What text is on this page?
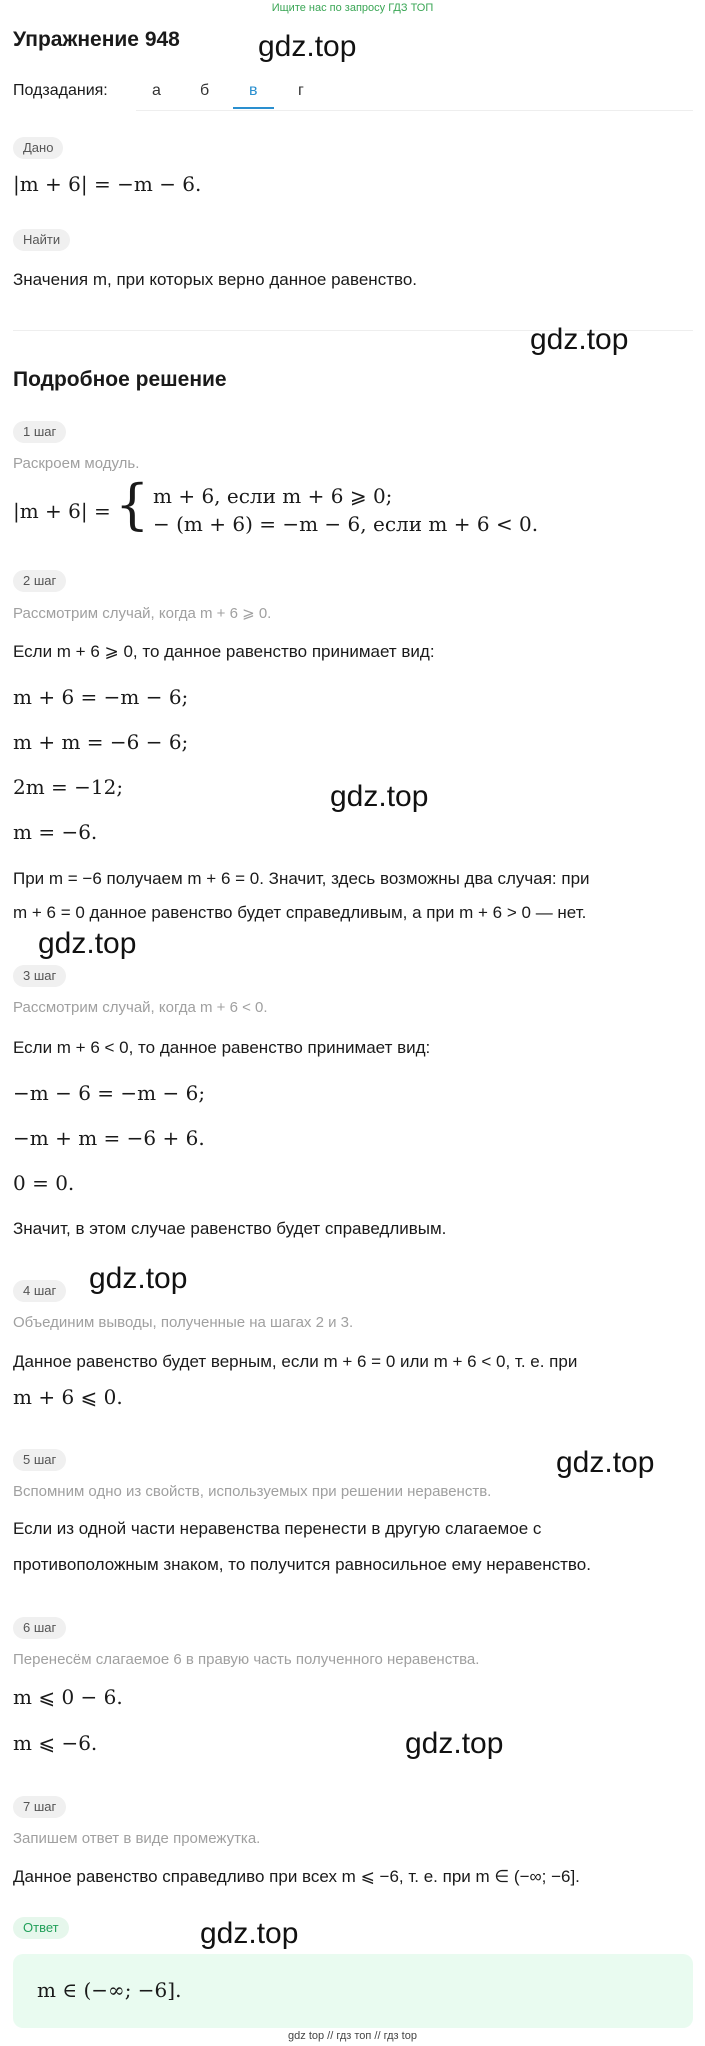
Ищите нас по запросу ГДЗ ТОП
Упражнение 948	gdz.top
Подзадания:	а б в	г
Дано
|m + 6| = −m − 6.
Найти
Значения m, при которых верно данное равенство.
gdz.top
Подробное решение
1 шаг
Раскроем модуль.
|m + 6| = { m + 6, если m + 6 ⩾ 0;
− (m + 6) = −m − 6, если m + 6 < 0.
2 шаг
Рассмотрим случай, когда m + 6 ⩾ 0.
Если m + 6 ⩾ 0, то данное равенство принимает вид:
m + 6 = −m − 6;
m + m = −6 − 6;
2m = −12;	gdz.top
m = −6.
При m = −6 получаем m + 6 = 0. Значит, здесь возможны два случая: при
m + 6 = 0 данное равенство будет справедливым, а при m + 6 > 0 — нет.
gdz.top
3 шаг
Рассмотрим случай, когда m + 6 < 0.
Если m + 6 < 0, то данное равенство принимает вид:
−m − 6 = −m − 6;
−m + m = −6 + 6.
0 = 0.
Значит, в этом случае равенство будет справедливым.
4 шаг	gdz.top
Объединим выводы, полученные на шагах 2 и 3.
Данное равенство будет верным, если m + 6 = 0 или m + 6 < 0, т. е. при
m + 6 ⩽ 0.
5 шаг	gdz.top
Вспомним одно из свойств, используемых при решении неравенств.
Если из одной части неравенства перенести в другую слагаемое с
противоположным знаком, то получится равносильное ему неравенство.
6 шаг
Перенесём слагаемое 6 в правую часть полученного неравенства.
m ⩽ 0 − 6.
m ⩽ −6.	gdz.top
7 шаг
Запишем ответ в виде промежутка.
Данное равенство справедливо при всех m ⩽ −6, т. е. при m ∈ (−∞; −6].
Ответ	gdz.top
m ∈ (−∞; −6].
gdz top // гдз топ // гдз top
